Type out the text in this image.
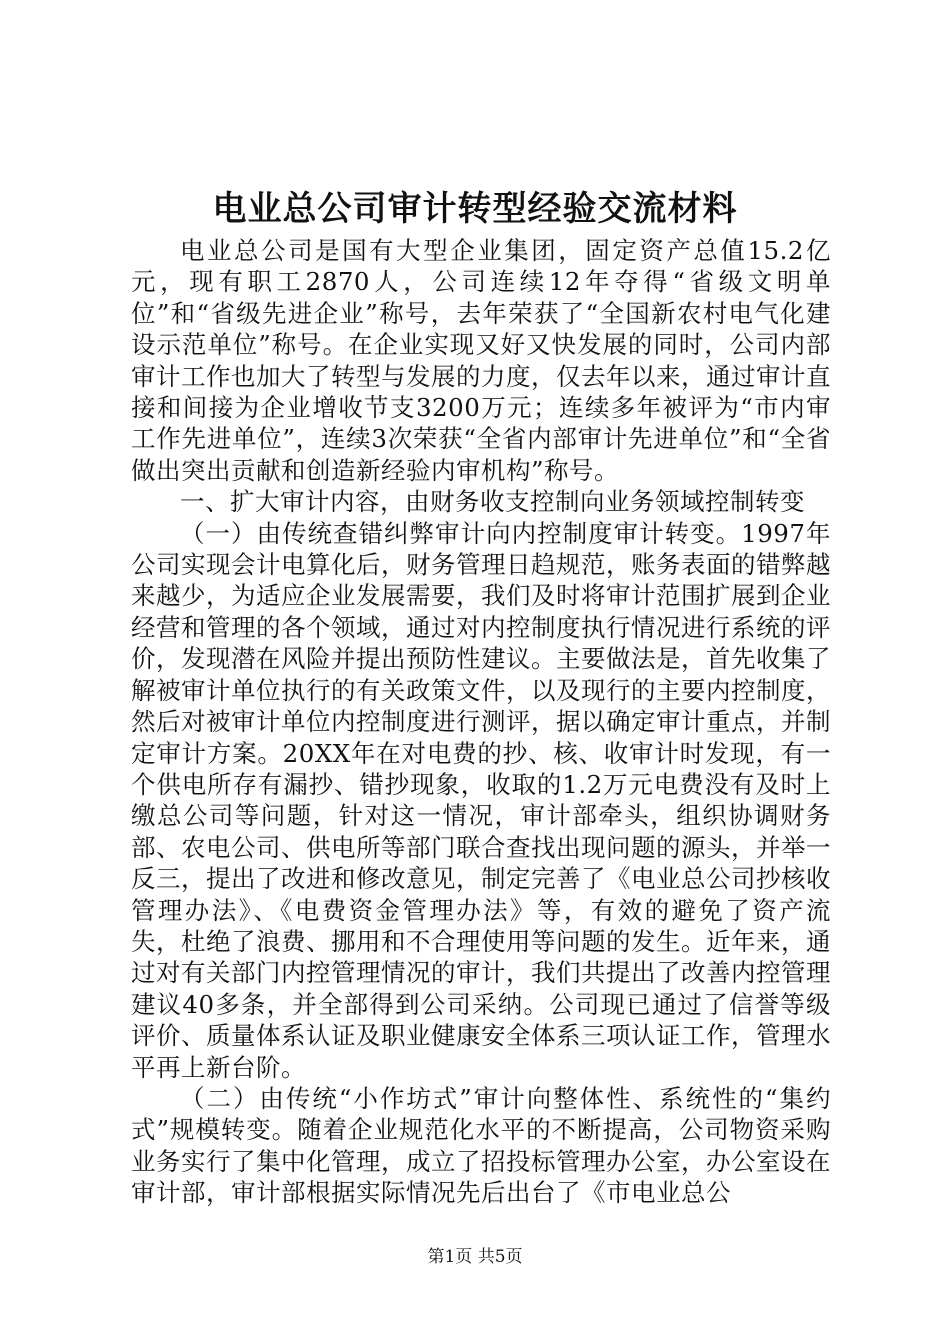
电业总公司审计转型经验交流材料

电业总公司是国有大型企业集团，固定资产总值15.2亿元，现有职工2870人，公司连续12年夺得“省级文明单位”和“省级先进企业”称号，去年荣获了“全国新农村电气化建设示范单位”称号。在企业实现又好又快发展的同时，公司内部审计工作也加大了转型与发展的力度，仅去年以来，通过审计直接和间接为企业增收节支3200万元；连续多年被评为“市内审工作先进单位”，连续3次荣获“全省内部审计先进单位”和“全省做出突出贡献和创造新经验内审机构”称号。

一、扩大审计内容，由财务收支控制向业务领域控制转变

（一）由传统查错纠弊审计向内控制度审计转变。1997年公司实现会计电算化后，财务管理日趋规范，账务表面的错弊越来越少，为适应企业发展需要，我们及时将审计范围扩展到企业经营和管理的各个领域，通过对内控制度执行情况进行系统的评价，发现潜在风险并提出预防性建议。主要做法是，首先收集了解被审计单位执行的有关政策文件，以及现行的主要内控制度，然后对被审计单位内控制度进行测评，据以确定审计重点，并制定审计方案。20XX年在对电费的抄、核、收审计时发现，有一个供电所存有漏抄、错抄现象，收取的1.2万元电费没有及时上缴总公司等问题，针对这一情况，审计部牵头，组织协调财务部、农电公司、供电所等部门联合查找出现问题的源头，并举一反三，提出了改进和修改意见，制定完善了《电业总公司抄核收管理办法》、《电费资金管理办法》等，有效的避免了资产流失，杜绝了浪费、挪用和不合理使用等问题的发生。近年来，通过对有关部门内控管理情况的审计，我们共提出了改善内控管理建议40多条，并全部得到公司采纳。公司现已通过了信誉等级评价、质量体系认证及职业健康安全体系三项认证工作，管理水平再上新台阶。

（二）由传统“小作坊式”审计向整体性、系统性的“集约式”规模转变。随着企业规范化水平的不断提高，公司物资采购业务实行了集中化管理，成立了招投标管理办公室，办公室设在审计部，审计部根据实际情况先后出台了《市电业总公

第1页 共5页
